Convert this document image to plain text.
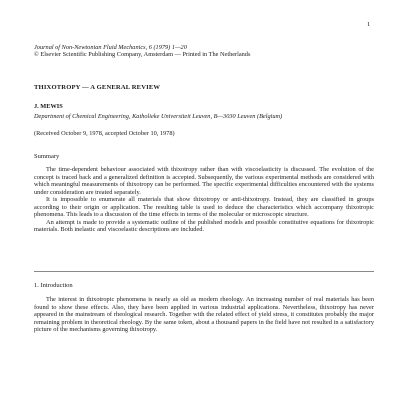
1
Journal of Non-Newtonian Fluid Mechanics, 6 (1979) 1—20
© Elsevier Scientific Publishing Company, Amsterdam — Printed in The Netherlands
THIXOTROPY — A GENERAL REVIEW
J. MEWIS
Department of Chemical Engineering, Katholieke Universiteit Leuven, B—3030 Leuven (Belgium)
(Received October 9, 1978, accepted October 10, 1978)
Summary

The time-dependent behaviour associated with thixotropy rather than with viscoelasticity is discussed. The evolution of the concept is traced back and a generalized definition is accepted. Subsequently, the various experimental methods are considered with which meaningful measurements of thixotropy can be performed. The specific experimental difficulties encountered with the systems under consideration are treated separately.

It is impossible to enumerate all materials that show thixotropy or anti-thixotropy. Instead, they are classified in groups according to their origin or application. The resulting table is used to deduce the characteristics which accompany thixotropic phenomena. This leads to a discussion of the time effects in terms of the molecular or microscopic structure.

An attempt is made to provide a systematic outline of the published models and possible constitutive equations for thixotropic materials. Both inelastic and viscoelastic descriptions are included.

1. Introduction

The interest in thixotropic phenomena is nearly as old as modern rheology. An increasing number of real materials has been found to show these effects. Also, they have been applied in various industrial applications. Nevertheless, thixotropy has never appeared in the mainstream of rheological research. Together with the related effect of yield stress, it constitutes probably the major remaining problem in theoretical rheology. By the same token, about a thousand papers in the field have not resulted in a satisfactory picture of the mechanisms governing thixotropy.
